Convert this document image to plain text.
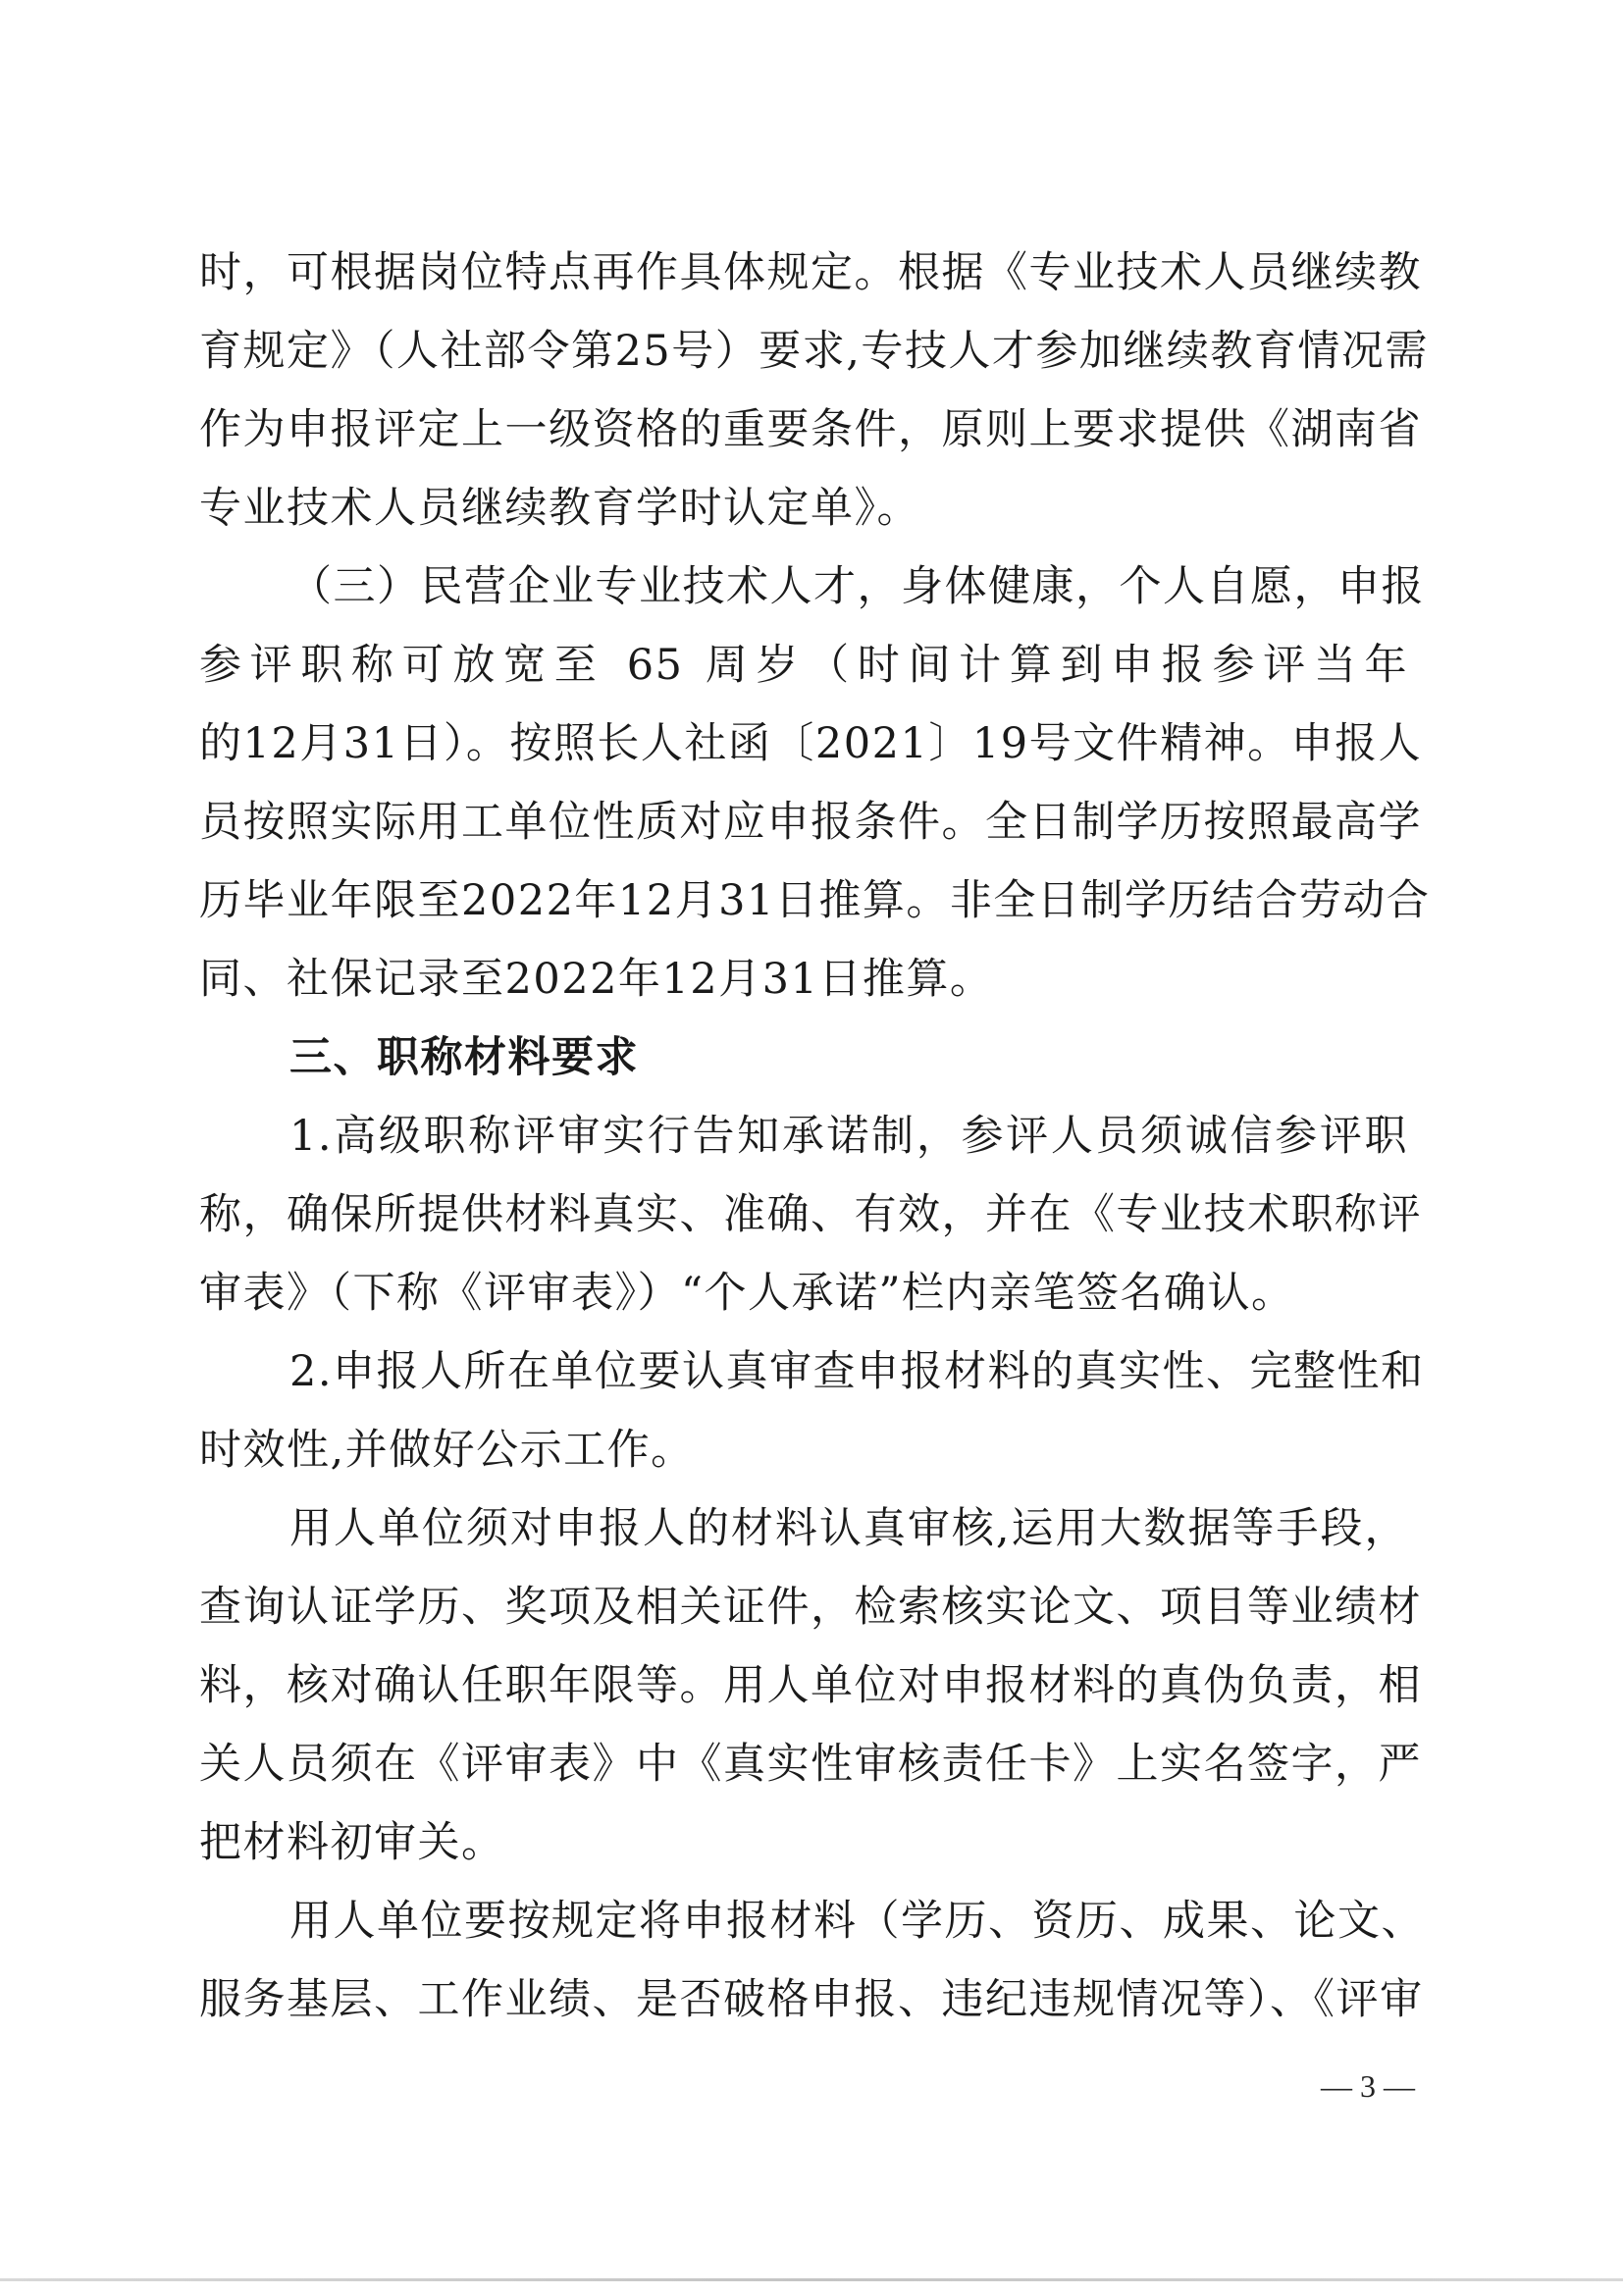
时，可根据岗位特点再作具体规定。根据《专业技术人员继续教
育规定》（人社部令第25号）要求,专技人才参加继续教育情况需
作为申报评定上一级资格的重要条件，原则上要求提供《湖南省
专业技术人员继续教育学时认定单》。
（三）民营企业专业技术人才，身体健康，个人自愿，申报
参评职称可放宽至 65 周岁（时间计算到申报参评当年
的12月31日）。按照长人社函〔2021〕19号文件精神。申报人
员按照实际用工单位性质对应申报条件。全日制学历按照最高学
历毕业年限至2022年12月31日推算。非全日制学历结合劳动合
同、社保记录至2022年12月31日推算。
三、职称材料要求
1.高级职称评审实行告知承诺制，参评人员须诚信参评职
称，确保所提供材料真实、准确、有效，并在《专业技术职称评
审表》（下称《评审表》）“个人承诺”栏内亲笔签名确认。
2.申报人所在单位要认真审查申报材料的真实性、完整性和
时效性,并做好公示工作。
用人单位须对申报人的材料认真审核,运用大数据等手段，
查询认证学历、奖项及相关证件，检索核实论文、项目等业绩材
料，核对确认任职年限等。用人单位对申报材料的真伪负责，相
关人员须在《评审表》中《真实性审核责任卡》上实名签字，严
把材料初审关。
用人单位要按规定将申报材料（学历、资历、成果、论文、
服务基层、工作业绩、是否破格申报、违纪违规情况等）、《评审
— 3 —
